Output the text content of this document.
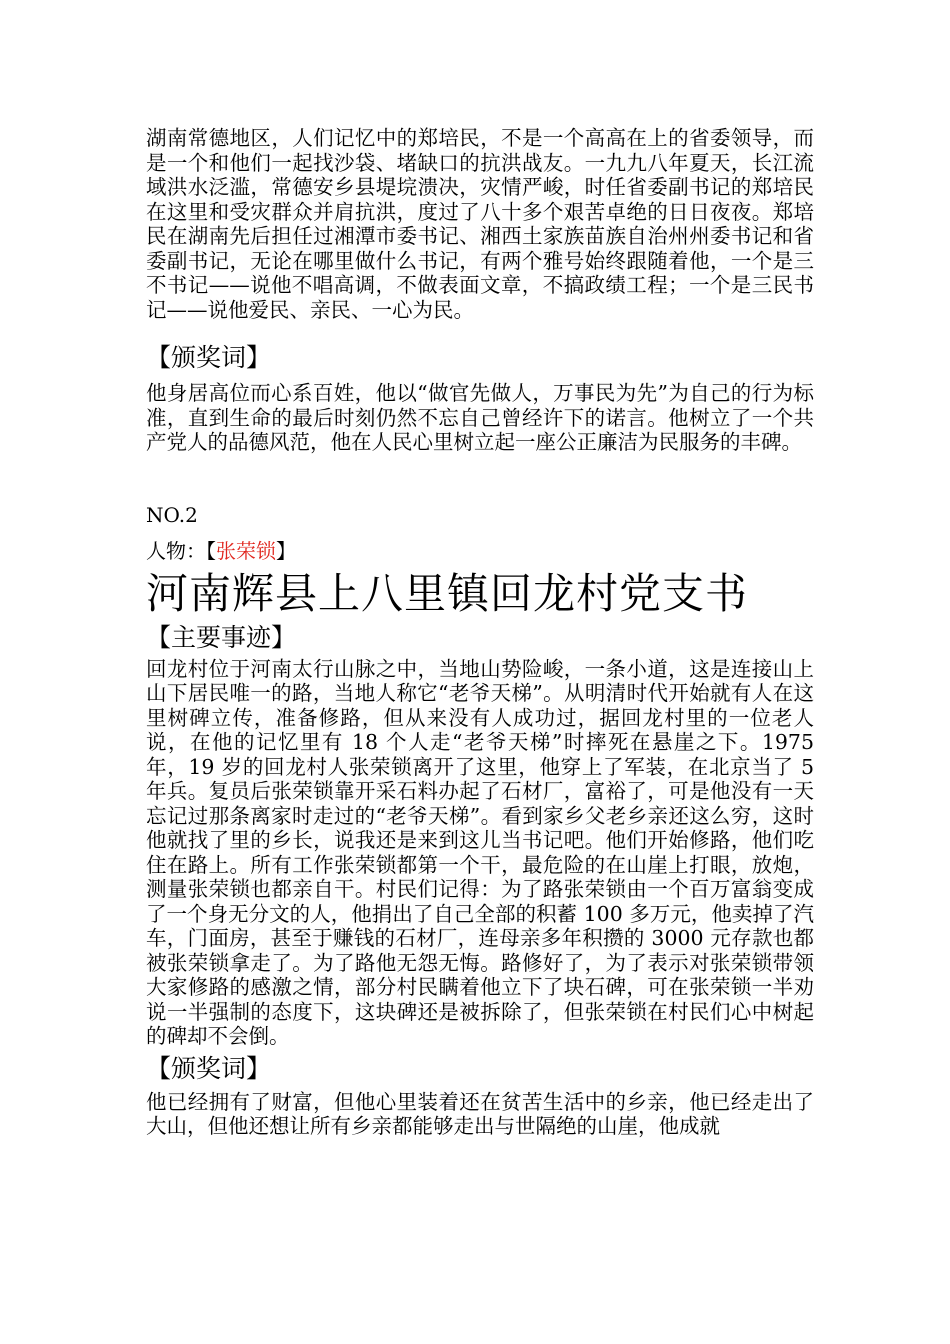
湖南常德地区，人们记忆中的郑培民，不是一个高高在上的省委领导，而是一个和他们一起找沙袋、堵缺口的抗洪战友。一九九八年夏天，长江流域洪水泛滥，常德安乡县堤垸溃决，灾情严峻，时任省委副书记的郑培民在这里和受灾群众并肩抗洪，度过了八十多个艰苦卓绝的日日夜夜。郑培民在湖南先后担任过湘潭市委书记、湘西土家族苗族自治州州委书记和省委副书记，无论在哪里做什么书记，有两个雅号始终跟随着他，一个是三不书记——说他不唱高调，不做表面文章，不搞政绩工程；一个是三民书记——说他爱民、亲民、一心为民。

【颁奖词】

他身居高位而心系百姓，他以“做官先做人，万事民为先”为自己的行为标准，直到生命的最后时刻仍然不忘自己曾经许下的诺言。他树立了一个共产党人的品德风范，他在人民心里树立起一座公正廉洁为民服务的丰碑。

NO.2

人物：【张荣锁】

河南辉县上八里镇回龙村党支书

【主要事迹】

回龙村位于河南太行山脉之中，当地山势险峻，一条小道，这是连接山上山下居民唯一的路，当地人称它“老爷天梯”。从明清时代开始就有人在这里树碑立传，准备修路，但从来没有人成功过，据回龙村里的一位老人说，在他的记忆里有 18 个人走“老爷天梯”时摔死在悬崖之下。1975 年，19 岁的回龙村人张荣锁离开了这里，他穿上了军装，在北京当了 5 年兵。复员后张荣锁靠开采石料办起了石材厂，富裕了，可是他没有一天忘记过那条离家时走过的“老爷天梯”。看到家乡父老乡亲还这么穷，这时他就找了里的乡长，说我还是来到这儿当书记吧。他们开始修路，他们吃住在路上。所有工作张荣锁都第一个干，最危险的在山崖上打眼，放炮，测量张荣锁也都亲自干。村民们记得：为了路张荣锁由一个百万富翁变成了一个身无分文的人，他捐出了自己全部的积蓄 100 多万元，他卖掉了汽车，门面房，甚至于赚钱的石材厂，连母亲多年积攒的 3000 元存款也都被张荣锁拿走了。为了路他无怨无悔。路修好了，为了表示对张荣锁带领大家修路的感激之情，部分村民瞒着他立下了块石碑，可在张荣锁一半劝说一半强制的态度下，这块碑还是被拆除了，但张荣锁在村民们心中树起的碑却不会倒。

【颁奖词】

他已经拥有了财富，但他心里装着还在贫苦生活中的乡亲，他已经走出了大山，但他还想让所有乡亲都能够走出与世隔绝的山崖，他成就
